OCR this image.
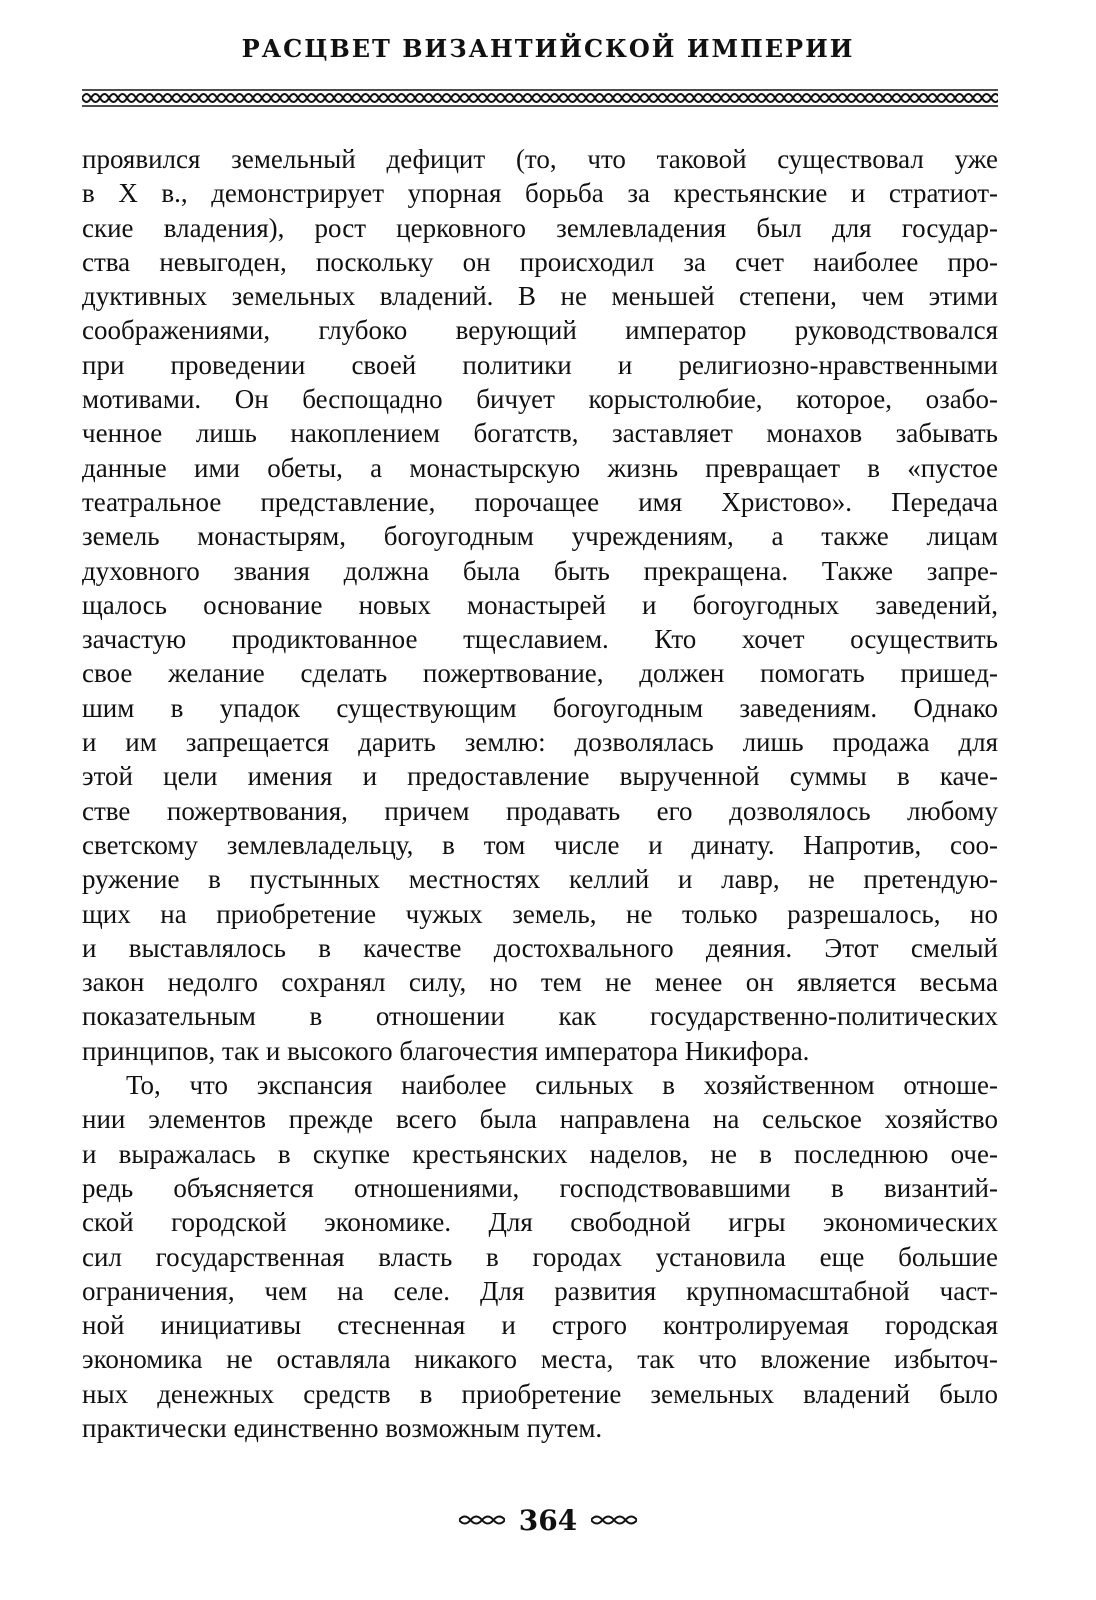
РАСЦВЕТ ВИЗАНТИЙСКОЙ ИМПЕРИИ
проявился земельный дефицит (то, что таковой существовал уже
в X в., демонстрирует упорная борьба за крестьянские и стратиот-
ские владения), рост церковного землевладения был для государ-
ства невыгоден, поскольку он происходил за счет наиболее про-
дуктивных земельных владений. В не меньшей степени, чем этими
соображениями, глубоко верующий император руководствовался
при проведении своей политики и религиозно-нравственными
мотивами. Он беспощадно бичует корыстолюбие, которое, озабо-
ченное лишь накоплением богатств, заставляет монахов забывать
данные ими обеты, а монастырскую жизнь превращает в «пустое
театральное представление, порочащее имя Христово». Передача
земель монастырям, богоугодным учреждениям, а также лицам
духовного звания должна была быть прекращена. Также запре-
щалось основание новых монастырей и богоугодных заведений,
зачастую продиктованное тщеславием. Кто хочет осуществить
свое желание сделать пожертвование, должен помогать пришед-
шим в упадок существующим богоугодным заведениям. Однако
и им запрещается дарить землю: дозволялась лишь продажа для
этой цели имения и предоставление вырученной суммы в каче-
стве пожертвования, причем продавать его дозволялось любому
светскому землевладельцу, в том числе и динату. Напротив, соо-
ружение в пустынных местностях келлий и лавр, не претендую-
щих на приобретение чужых земель, не только разрешалось, но
и выставлялось в качестве достохвального деяния. Этот смелый
закон недолго сохранял силу, но тем не менее он является весьма
показательным в отношении как государственно-политических
принципов, так и высокого благочестия императора Никифора.
То, что экспансия наиболее сильных в хозяйственном отноше-
нии элементов прежде всего была направлена на сельское хозяйство
и выражалась в скупке крестьянских наделов, не в последнюю оче-
редь объясняется отношениями, господствовавшими в византий-
ской городской экономике. Для свободной игры экономических
сил государственная власть в городах установила еще большие
ограничения, чем на селе. Для развития крупномасштабной част-
ной инициативы стесненная и строго контролируемая городская
экономика не оставляла никакого места, так что вложение избыточ-
ных денежных средств в приобретение земельных владений было
практически единственно возможным путем.
364
